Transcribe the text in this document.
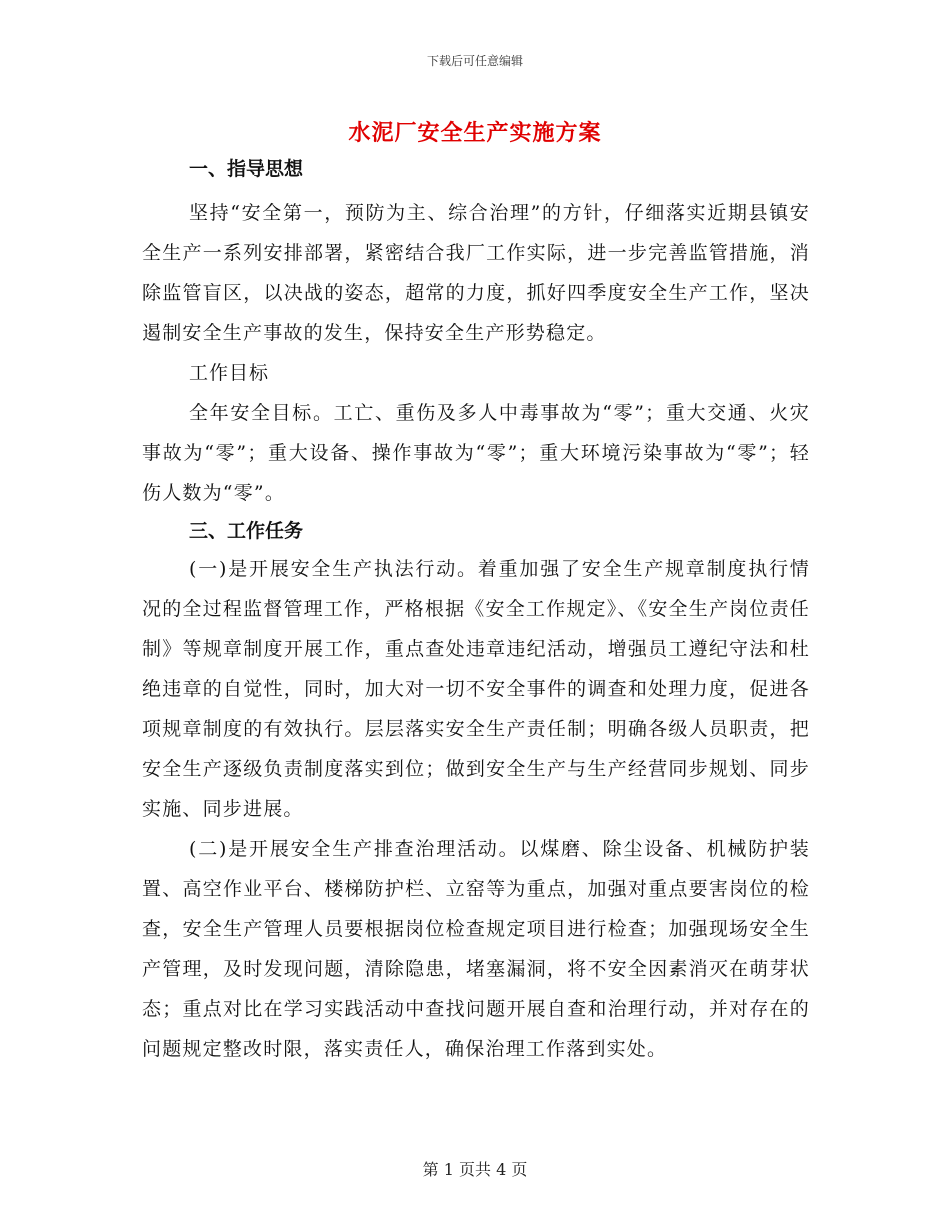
下载后可任意编辑
水泥厂安全生产实施方案

一、指导思想

坚持“安全第一，预防为主、综合治理”的方针，仔细落实近期县镇安全生产一系列安排部署，紧密结合我厂工作实际，进一步完善监管措施，消除监管盲区，以决战的姿态，超常的力度，抓好四季度安全生产工作，坚决遏制安全生产事故的发生，保持安全生产形势稳定。

工作目标

全年安全目标。工亡、重伤及多人中毒事故为“零”；重大交通、火灾事故为“零”；重大设备、操作事故为“零”；重大环境污染事故为“零”；轻伤人数为“零”。

三、工作任务

(一)是开展安全生产执法行动。着重加强了安全生产规章制度执行情况的全过程监督管理工作，严格根据《安全工作规定》、《安全生产岗位责任制》等规章制度开展工作，重点查处违章违纪活动，增强员工遵纪守法和杜绝违章的自觉性，同时，加大对一切不安全事件的调查和处理力度，促进各项规章制度的有效执行。层层落实安全生产责任制；明确各级人员职责，把安全生产逐级负责制度落实到位；做到安全生产与生产经营同步规划、同步实施、同步进展。

(二)是开展安全生产排查治理活动。以煤磨、除尘设备、机械防护装置、高空作业平台、楼梯防护栏、立窑等为重点，加强对重点要害岗位的检查，安全生产管理人员要根据岗位检查规定项目进行检查；加强现场安全生产管理，及时发现问题，清除隐患，堵塞漏洞，将不安全因素消灭在萌芽状态；重点对比在学习实践活动中查找问题开展自查和治理行动，并对存在的问题规定整改时限，落实责任人，确保治理工作落到实处。

第 1 页共 4 页
